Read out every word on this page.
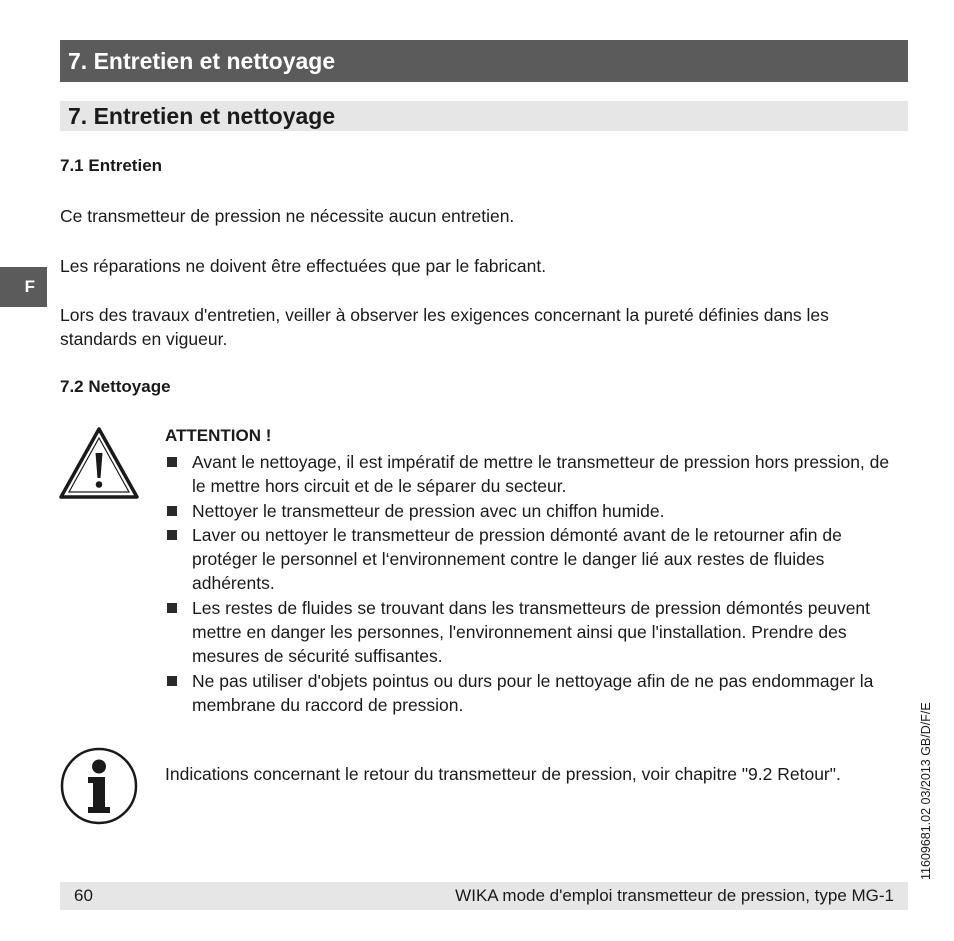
7. Entretien et nettoyage
7. Entretien et nettoyage
F
7.1 Entretien

Ce transmetteur de pression ne nécessite aucun entretien.

Les réparations ne doivent être effectuées que par le fabricant.

Lors des travaux d'entretien, veiller à observer les exigences concernant la pureté définies dans les standards en vigueur.

7.2 Nettoyage
ATTENTION !
Avant le nettoyage, il est impératif de mettre le transmetteur de pression hors pression, de le mettre hors circuit et de le séparer du secteur.
Nettoyer le transmetteur de pression avec un chiffon humide.
Laver ou nettoyer le transmetteur de pression démonté avant de le retourner afin de protéger le personnel et l‘environnement contre le danger lié aux restes de fluides adhérents.
Les restes de fluides se trouvant dans les transmetteurs de pression démontés peuvent mettre en danger les personnes, l'environnement ainsi que l'installation. Prendre des mesures de sécurité suffisantes.
Ne pas utiliser d'objets pointus ou durs pour le nettoyage afin de ne pas endommager la membrane du raccord de pression.

Indications concernant le retour du transmetteur de pression, voir chapitre "9.2 Retour".

60	WIKA mode d'emploi transmetteur de pression, type MG-1
11609681.02 03/2013 GB/D/F/E
